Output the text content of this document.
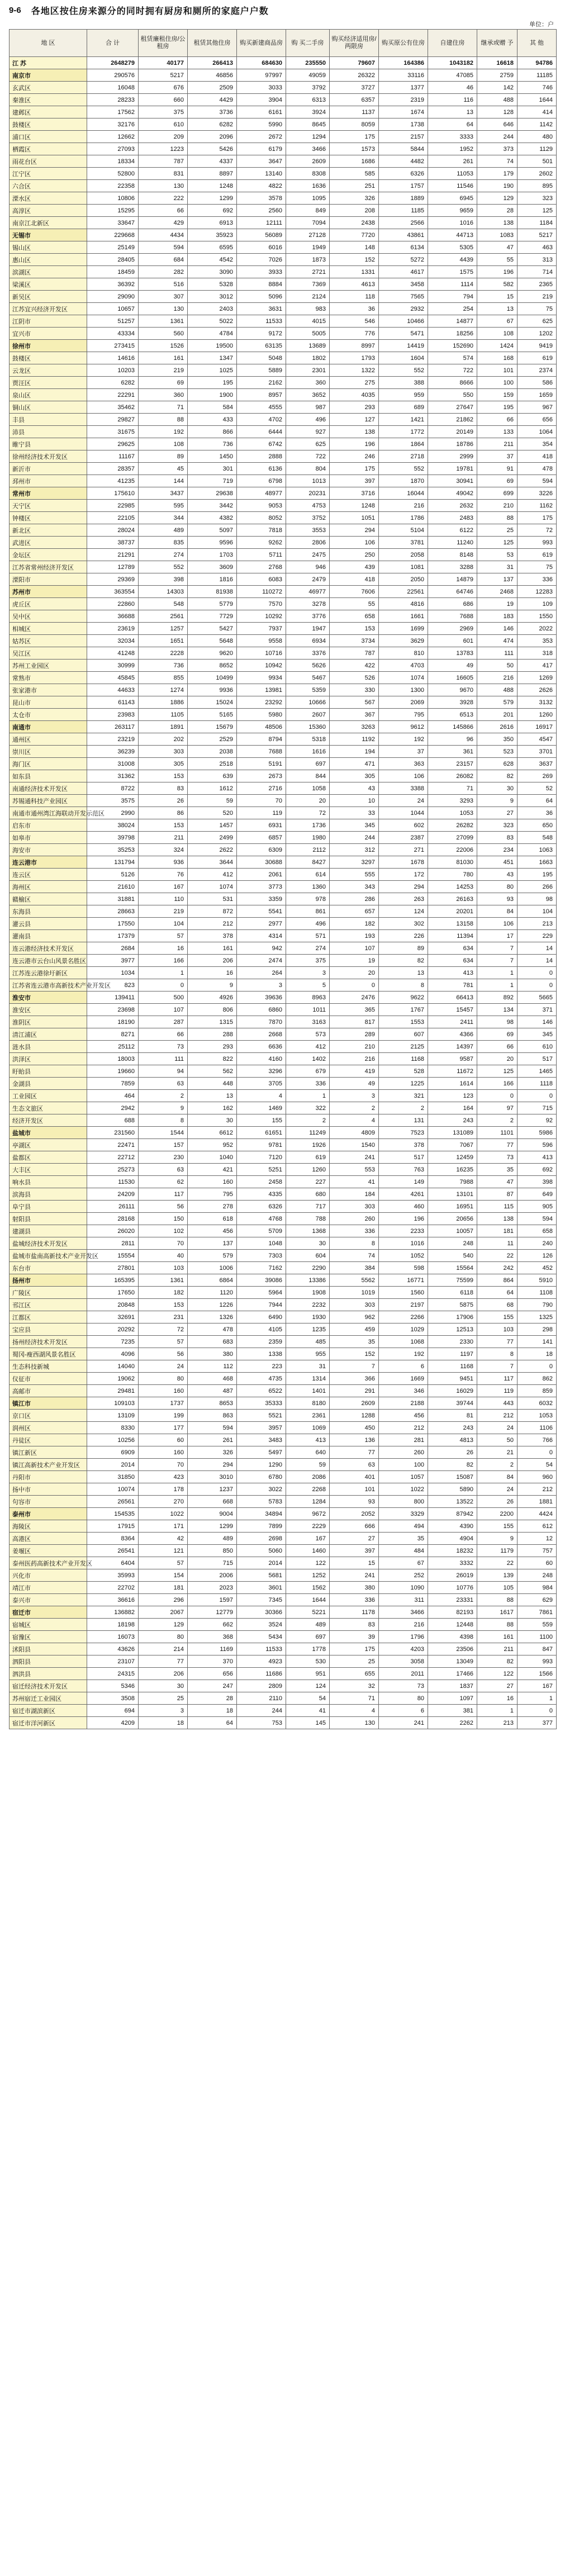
9-6 各地区按住房来源分的同时拥有厨房和厕所的家庭户户数
单位：户
地 区	合 计	租赁廉租住房/公租房	租赁其他住房	购买新建商品房	购 买二手房	购买经济适用房/两限房	购买原公有住房	自建住房	继承或赠 予	其 他
江 苏	2648279	40177	266413	684630	235550	79607	164386	1043182	16618	94786
南京市	290576	5217	46856	97997	49059	26322	33116	47085	2759	11185
玄武区	16048	676	2509	3033	3792	3727	1377	46	142	746
秦淮区	28233	660	4429	3904	6313	6357	2319	116	488	1644
建邺区	17562	375	3736	6161	3924	1137	1674	13	128	414
鼓楼区	32176	610	6282	5990	8645	8059	1738	64	646	1142
浦口区	12662	209	2096	2672	1294	175	2157	3333	244	480
栖霞区	27093	1223	5426	6179	3466	1573	5844	1952	373	1129
雨花台区	18334	787	4337	3647	2609	1686	4482	261	74	501
江宁区	52800	831	8897	13140	8308	585	6326	11053	179	2602
六合区	22358	130	1248	4822	1636	251	1757	11546	190	895
溧水区	10806	222	1299	3578	1095	326	1889	6945	129	323
高淳区	15295	66	692	2560	849	208	1185	9659	28	125
南京江北新区	33647	429	6913	12111	7094	2438	2566	1016	138	1184
无锡市	229668	4434	35923	56089	27128	7720	43861	44713	1083	5217
锡山区	25149	594	6595	6016	1949	148	6134	5305	47	463
惠山区	28405	684	4542	7026	1873	152	5272	4439	55	313
滨湖区	18459	282	3090	3933	2721	1331	4617	1575	196	714
梁溪区	36392	516	5328	8884	7369	4613	3458	1114	582	2365
新吴区	29090	307	3012	5096	2124	118	7565	794	15	219
江苏宜兴经济开发区	10657	130	2403	3631	983	36	2932	254	13	75
江阴市	51257	1361	5022	11533	4015	546	10466	14877	67	625
宜兴市	43334	560	4784	9172	5005	776	5471	18256	108	1202
徐州市	273415	1526	19500	63135	13689	8997	14419	152690	1424	9419
鼓楼区	14616	161	1347	5048	1802	1793	1604	574	168	619
云龙区	10203	219	1025	5889	2301	1322	552	722	101	2374
贾汪区	6282	69	195	2162	360	275	388	8666	100	586
泉山区	22291	360	1900	8957	3652	4035	959	550	159	1659
铜山区	35462	71	584	4555	987	293	689	27647	195	967
丰县	29827	88	433	4702	496	127	1421	21862	66	656
沛县	31675	192	866	6444	927	138	1772	20149	133	1064
睢宁县	29625	108	736	6742	625	196	1864	18786	211	354
徐州经济技术开发区	11167	89	1450	2888	722	246	2718	2999	37	418
新沂市	28357	45	301	6136	804	175	552	19781	91	478
邳州市	41235	144	719	6798	1013	397	1870	30941	69	594
常州市	175610	3437	29638	48977	20231	3716	16044	49042	699	3226
天宁区	22985	595	3442	9053	4753	1248	216	2632	210	1162
钟楼区	22105	344	4382	8052	3752	1051	1786	2483	88	175
新北区	28024	489	5097	7818	3553	294	5104	6122	25	72
武进区	38737	835	9596	9262	2806	106	3781	11240	125	993
金坛区	21291	274	1703	5711	2475	250	2058	8148	53	619
江苏省常州经济开发区	12789	552	3609	2768	946	439	1081	3288	31	75
溧阳市	29369	398	1816	6083	2479	418	2050	14879	137	336
苏州市	363554	14303	81938	110272	46977	7606	22561	64746	2468	12283
虎丘区	22860	548	5779	7570	3278	55	4816	686	19	109
吴中区	36688	2561	7729	10292	3776	658	1661	7688	183	1550
相城区	23619	1257	5427	7937	1947	153	1699	2969	146	2022
姑苏区	32034	1651	5648	9558	6934	3734	3629	601	474	353
吴江区	41248	2228	9620	10716	3376	787	810	13783	111	318
苏州工业园区	30999	736	8652	10942	5626	422	4703	49	50	417
常熟市	45845	855	10499	9934	5467	526	1074	16605	216	1269
张家港市	44633	1274	9936	13981	5359	330	1300	9670	488	2626
昆山市	61143	1886	15024	23292	10666	567	2069	3928	579	3132
太仓市	23983	1105	5165	5980	2607	367	795	6513	201	1260
南通市	263117	1891	15679	48506	15360	3263	9612	145866	2616	16917
通州区	23219	202	2529	8794	5318	1192	192	96	350	4547
崇川区	36239	303	2038	7688	1616	194	37	361	523	3701
海门区	31008	305	2518	5191	697	471	363	23157	628	3637
如东县	31362	153	639	2673	844	305	106	26082	82	269
南通经济技术开发区	8722	83	1612	2716	1058	43	3388	71	30	52
苏锡通科技产业园区	3575	26	59	70	20	10	24	3293	9	64
南通市通州湾江海联动开发示范区	2990	86	520	119	72	33	1044	1053	27	36
启东市	38024	153	1457	6931	1736	345	602	26282	323	650
如皋市	39798	211	2499	6857	1980	244	2387	27099	83	548
海安市	35253	324	2622	6309	2112	312	271	22006	234	1063
连云港市	131794	936	3644	30688	8427	3297	1678	81030	451	1663
连云区	5126	76	412	2061	614	555	172	780	43	195
海州区	21610	167	1074	3773	1360	343	294	14253	80	266
赣榆区	31881	110	531	3359	978	286	263	26163	93	98
东海县	28663	219	872	5541	861	657	124	20201	84	104
灌云县	17550	104	212	2977	496	182	302	13158	106	213
灌南县	17379	57	378	4314	571	193	226	11394	17	229
连云港经济技术开发区	2684	16	161	942	274	107	89	634	7	14
连云港市云台山风景名胜区	3977	166	206	2474	375	19	82	634	7	14
江苏连云港徐圩新区	1034	1	16	264	3	20	13	413	1	0
江苏省连云港市高新技术产业开发区	823	0	9	3	5	0	8	781	1	0
淮安市	139411	500	4926	39636	8963	2476	9622	66413	892	5665
淮安区	23698	107	806	6860	1011	365	1767	15457	134	371
淮阴区	18190	287	1315	7870	3163	817	1553	2411	98	146
清江浦区	8271	66	288	2668	573	289	607	4366	69	345
涟水县	25112	73	293	6636	412	210	2125	14397	66	610
洪泽区	18003	111	822	4160	1402	216	1168	9587	20	517
盱眙县	19660	94	562	3296	679	419	528	11672	125	1465
金湖县	7859	63	448	3705	336	49	1225	1614	166	1118
工业园区	464	2	13	4	1	3	321	123	0	0
生态文旅区	2942	9	162	1469	322	2	2	164	97	715
经济开发区	688	8	30	155	2	4	131	243	2	92
盐城市	231560	1544	6612	61651	11249	4809	7523	131089	1101	5986
亭湖区	22471	157	952	9781	1926	1540	378	7067	77	596
盐都区	22712	230	1040	7120	619	241	517	12459	73	413
大丰区	25273	63	421	5251	1260	553	763	16235	35	692
响水县	11530	62	160	2458	227	41	149	7988	47	398
滨海县	24209	117	795	4335	680	184	4261	13101	87	649
阜宁县	26111	56	278	6326	717	303	460	16951	115	905
射阳县	28168	150	618	4768	788	260	196	20656	138	594
建湖县	26020	102	456	5709	1368	336	2233	10057	181	658
盐城经济技术开发区	2811	70	137	1048	30	8	1016	248	11	240
盐城市盐南高新技术产业开发区	15554	40	579	7303	604	74	1052	540	22	126
东台市	27801	103	1006	7162	2290	384	598	15564	242	452
扬州市	165395	1361	6864	39086	13386	5562	16771	75599	864	5910
广陵区	17650	182	1120	5964	1908	1019	1560	6118	64	1108
邗江区	20848	153	1226	7944	2232	303	2197	5875	68	790
江都区	32691	231	1326	6490	1930	962	2266	17906	155	1325
宝应县	20292	72	478	4105	1235	459	1029	12513	103	298
扬州经济技术开发区	7235	57	683	2359	485	35	1068	2330	77	141
蜀冈-瘦西湖风景名胜区	4096	56	380	1338	955	152	192	1197	8	18
生态科技新城	14040	24	112	223	31	7	6	1168	7	0
仪征市	19062	80	468	4735	1314	366	1669	9451	117	862
高邮市	29481	160	487	6522	1401	291	346	16029	119	859
镇江市	109103	1737	8653	35333	8180	2609	2188	39744	443	6032
京口区	13109	199	863	5521	2361	1288	456	81	212	1053
润州区	8330	177	594	3957	1069	450	212	243	24	1106
丹徒区	10256	60	261	3483	413	136	281	4813	50	766
镇江新区	6909	160	326	5497	640	77	260	26	21	0
镇江高新技术产业开发区	2014	70	294	1290	59	63	100	82	2	54
丹阳市	31850	423	3010	6780	2086	401	1057	15087	84	960
扬中市	10074	178	1237	3022	2268	101	1022	5890	24	212
句容市	26561	270	668	5783	1284	93	800	13522	26	1881
泰州市	154535	1022	9004	34894	9672	2052	3329	87942	2200	4424
海陵区	17915	171	1299	7899	2229	666	494	4390	155	612
高港区	8364	42	489	2698	167	27	35	4904	9	12
姜堰区	26541	121	850	5060	1460	397	484	18232	1179	757
泰州医药高新技术产业开发区	6404	57	715	2014	122	15	67	3332	22	60
兴化市	35993	154	2006	5681	1252	241	252	26019	139	248
靖江市	22702	181	2023	3601	1562	380	1090	10776	105	984
泰兴市	36616	296	1597	7345	1644	336	311	23331	88	629
宿迁市	136882	2067	12779	30366	5221	1178	3466	82193	1617	7861
宿城区	18198	129	662	3524	489	83	216	12448	88	559
宿豫区	16073	80	368	5434	697	39	1796	4398	161	1100
沭阳县	43626	214	1169	11533	1778	175	4203	23506	211	847
泗阳县	23107	77	370	4923	530	25	3058	13049	82	993
泗洪县	24315	206	656	11686	951	655	2011	17466	122	1566
宿迁经济技术开发区	5346	30	247	2809	124	32	73	1837	27	167
苏州宿迁工业园区	3508	25	28	2110	54	71	80	1097	16	1
宿迁市湖滨新区	694	3	18	244	41	4	6	381	1	0
宿迁市洋河新区	4209	18	64	753	145	130	241	2262	213	377
